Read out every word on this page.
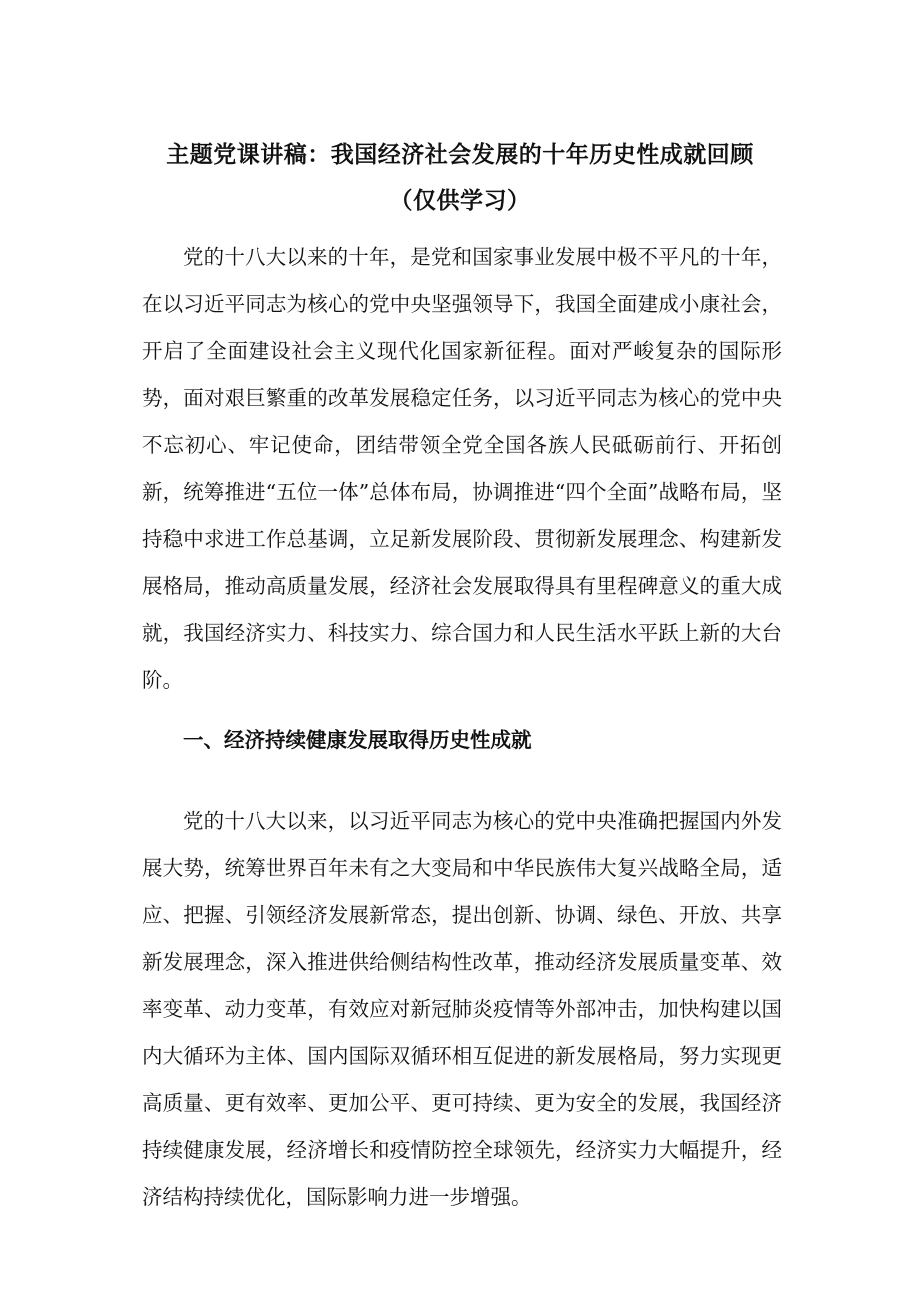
主题党课讲稿：我国经济社会发展的十年历史性成就回顾
（仅供学习）

党的十八大以来的十年，是党和国家事业发展中极不平凡的十年，在以习近平同志为核心的党中央坚强领导下，我国全面建成小康社会，开启了全面建设社会主义现代化国家新征程。面对严峻复杂的国际形势，面对艰巨繁重的改革发展稳定任务，以习近平同志为核心的党中央不忘初心、牢记使命，团结带领全党全国各族人民砥砺前行、开拓创新，统筹推进“五位一体”总体布局，协调推进“四个全面”战略布局，坚持稳中求进工作总基调，立足新发展阶段、贯彻新发展理念、构建新发展格局，推动高质量发展，经济社会发展取得具有里程碑意义的重大成就，我国经济实力、科技实力、综合国力和人民生活水平跃上新的大台阶。

一、经济持续健康发展取得历史性成就

党的十八大以来，以习近平同志为核心的党中央准确把握国内外发展大势，统筹世界百年未有之大变局和中华民族伟大复兴战略全局，适应、把握、引领经济发展新常态，提出创新、协调、绿色、开放、共享新发展理念，深入推进供给侧结构性改革，推动经济发展质量变革、效率变革、动力变革，有效应对新冠肺炎疫情等外部冲击，加快构建以国内大循环为主体、国内国际双循环相互促进的新发展格局，努力实现更高质量、更有效率、更加公平、更可持续、更为安全的发展，我国经济持续健康发展，经济增长和疫情防控全球领先，经济实力大幅提升，经济结构持续优化，国际影响力进一步增强。
